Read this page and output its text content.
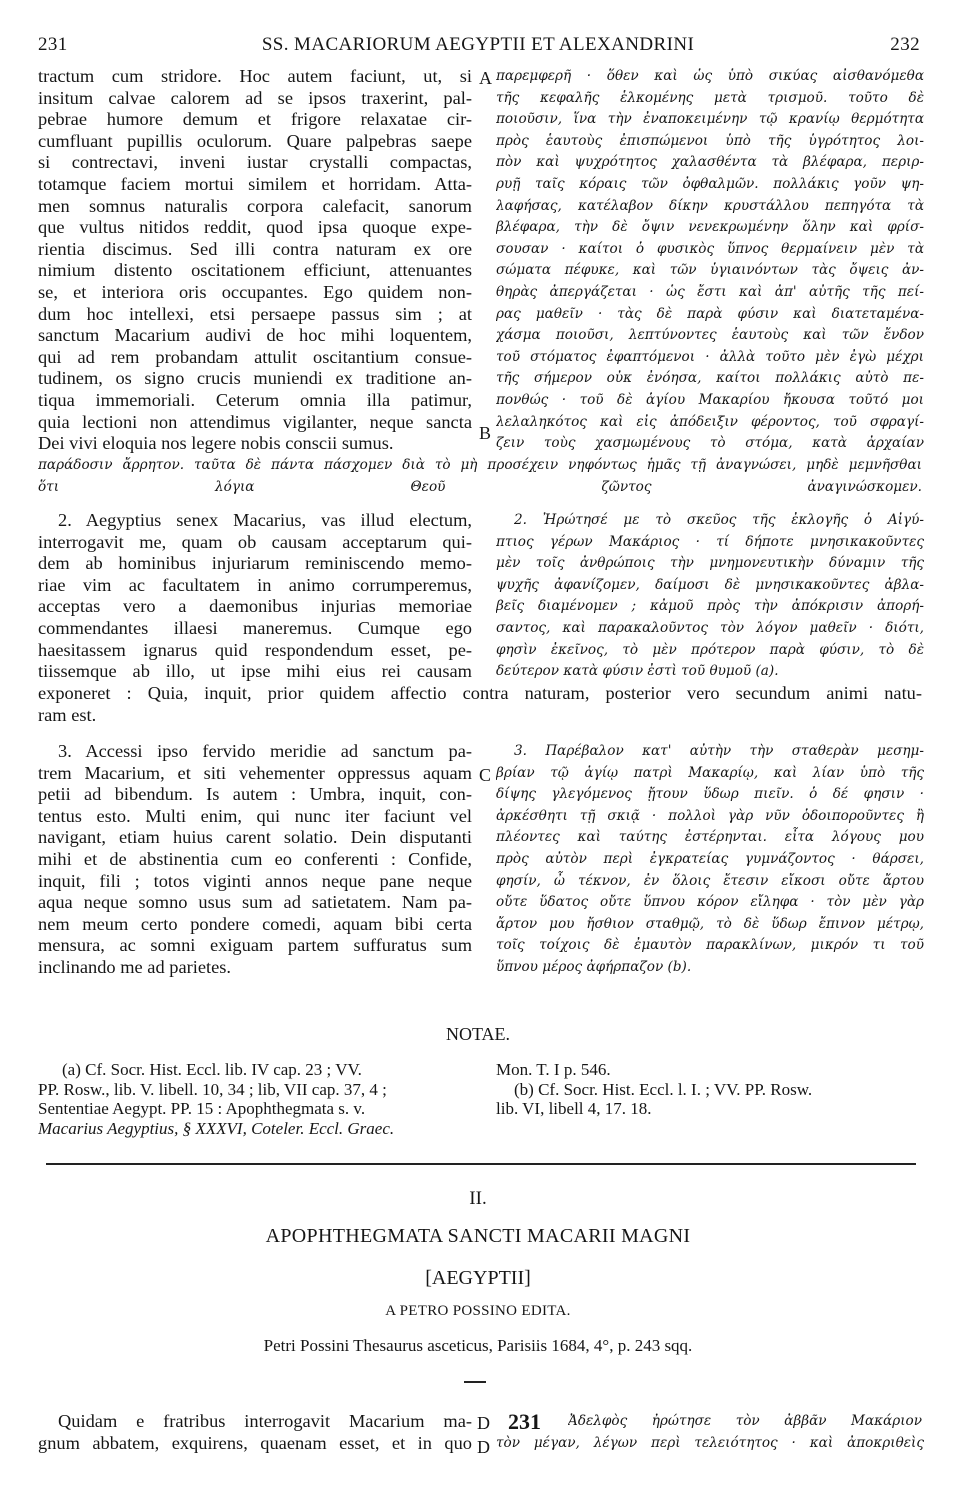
231	SS. MACARIORUM AEGYPTII ET ALEXANDRINI	232
A
B
C
D
D
tractum cum stridore. Hoc autem faciunt, ut, si
insitum calvae calorem ad se ipsos traxerint, pal-
pebrae humore demum et frigore relaxatae cir-
cumfluant pupillis oculorum. Quare palpebras saepe
si contrectavi, inveni iustar crystalli compactas,
totamque faciem mortui similem et horridam. Atta-
men somnus naturalis corpora calefacit, sanorum
que vultus nitidos reddit, quod ipsa quoque expe-
rientia discimus. Sed illi contra naturam ex ore
nimium distento oscitationem efficiunt, attenuantes
se, et interiora oris occupantes. Ego quidem non-
dum hoc intellexi, etsi persaepe passus sim ; at
sanctum Macarium audivi de hoc mihi loquentem,
qui ad rem probandam attulit oscitantium consue-
tudinem, os signo crucis muniendi ex traditione an-
tiqua immemoriali. Ceterum omnia illa patimur,
quia lectioni non attendimus vigilanter, neque sancta
Dei vivi eloquia nos legere nobis conscii sumus.
παρεμφερῆ · ὅθεν καὶ ὡς ὑπὸ σικύας αἰσθανόμεθα
τῆς κεφαλῆς ἑλκομένης μετὰ τρισμοῦ. τοῦτο δὲ
ποιοῦσιν, ἵνα τὴν ἐναποκειμένην τῷ κρανίῳ θερμότητα
πρὸς ἑαυτοὺς ἐπισπώμενοι ὑπὸ τῆς ὑγρότητος λοι-
πὸν καὶ ψυχρότητος χαλασθέντα τὰ βλέφαρα, περιρ-
ρυῇ ταῖς κόραις τῶν ὀφθαλμῶν. πολλάκις γοῦν ψη-
λαφήσας, κατέλαβον δίκην κρυστάλλου πεπηγότα τὰ
βλέφαρα, τὴν δὲ ὄψιν νενεκρωμένην ὅλην καὶ φρίσ-
σουσαν · καίτοι ὁ φυσικὸς ὕπνος θερμαίνειν μὲν τὰ
σώματα πέφυκε, καὶ τῶν ὑγιαινόντων τὰς ὄψεις ἀν-
θηρὰς ἀπεργάζεται · ὡς ἔστι καὶ ἀπ' αὐτῆς τῆς πεί-
ρας μαθεῖν · τὰς δὲ παρὰ φύσιν καὶ διατεταμένα-
χάσμα ποιοῦσι, λεπτύνοντες ἑαυτοὺς καὶ τῶν ἔνδον
τοῦ στόματος ἐφαπτόμενοι · ἀλλὰ τοῦτο μὲν ἐγὼ μέχρι
τῆς σήμερον οὐκ ἐνόησα, καίτοι πολλάκις αὐτὸ πε-
πονθώς · τοῦ δὲ ἁγίου Μακαρίου ἤκουσα τοῦτό μοι
λελαληκότος καὶ εἰς ἀπόδειξιν φέροντος, τοῦ σφραγί-
ζειν τοὺς χασμωμένους τὸ στόμα, κατὰ ἀρχαίαν
παράδοσιν ἄρρητον. ταῦτα δὲ πάντα πάσχομεν διὰ τὸ μὴ προσέχειν νηφόντως ἡμᾶς τῇ ἀναγνώσει, μηδὲ μεμνῆσθαι
ὅτι λόγια Θεοῦ ζῶντος ἀναγινώσκομεν.
2. Aegyptius senex Macarius, vas illud electum,
interrogavit me, quam ob causam acceptarum qui-
dem ab hominibus injuriarum reminiscendo memo-
riae vim ac facultatem in animo corrumperemus,
acceptas vero a daemonibus injurias memoriae
commendantes illaesi maneremus. Cumque ego
haesitassem ignarus quid respondendum esset, pe-
tiissemque ab illo, ut ipse mihi eius rei causam
2. Ἠρώτησέ με τὸ σκεῦος τῆς ἐκλογῆς ὁ Αἰγύ-
πτιος γέρων Μακάριος · τί δήποτε μνησικακοῦντες
μὲν τοῖς ἀνθρώποις τὴν μνημονευτικὴν δύναμιν τῆς
ψυχῆς ἀφανίζομεν, δαίμοσι δὲ μνησικακοῦντες ἀβλα-
βεῖς διαμένομεν ; κἀμοῦ πρὸς τὴν ἀπόκρισιν ἀπορή-
σαντος, καὶ παρακαλοῦντος τὸν λόγον μαθεῖν · διότι,
φησὶν ἐκεῖνος, τὸ μὲν πρότερον παρὰ φύσιν, τὸ δὲ
δεύτερον κατὰ φύσιν ἐστὶ τοῦ θυμοῦ (a).
exponeret : Quia, inquit, prior quidem affectio contra naturam, posterior vero secundum animi natu-
ram est.
3. Accessi ipso fervido meridie ad sanctum pa-
trem Macarium, et siti vehementer oppressus aquam
petii ad bibendum. Is autem : Umbra, inquit, con-
tentus esto. Multi enim, qui nunc iter faciunt vel
navigant, etiam huius carent solatio. Dein disputanti
mihi et de abstinentia cum eo conferenti : Confide,
inquit, fili ; totos viginti annos neque pane neque
aqua neque somno usus sum ad satietatem. Nam pa-
nem meum certo pondere comedi, aquam bibi certa
mensura, ac somni exiguam partem suffuratus sum
inclinando me ad parietes.
3. Παρέβαλον κατ' αὐτὴν τὴν σταθερὰν μεσημ-
βρίαν τῷ ἁγίῳ πατρὶ Μακαρίῳ, καὶ λίαν ὑπὸ τῆς
δίψης γλεγόμενος ᾔτουν ὕδωρ πιεῖν. ὁ δέ φησιν ·
ἀρκέσθητι τῇ σκιᾷ · πολλοὶ γὰρ νῦν ὁδοιποροῦντες ἢ
πλέοντες καὶ ταύτης ἐστέρηνται. εἶτα λόγους μου
πρὸς αὐτὸν περὶ ἐγκρατείας γυμνάζοντος · θάρσει,
φησίν, ὦ τέκνον, ἐν ὅλοις ἔτεσιν εἴκοσι οὔτε ἄρτου
οὔτε ὕδατος οὔτε ὕπνου κόρον εἴληφα · τὸν μὲν γὰρ
ἄρτον μου ἤσθιον σταθμῷ, τὸ δὲ ὕδωρ ἔπινον μέτρῳ,
τοῖς τοίχοις δὲ ἐμαυτὸν παρακλίνων, μικρόν τι τοῦ
ὕπνου μέρος ἀφήρπαζον (b).
NOTAE.
(a) Cf. Socr. Hist. Eccl. lib. IV cap. 23 ; VV.
PP. Rosw., lib. V. libell. 10, 34 ; lib, VII cap. 37, 4 ;
Sententiae Aegypt. PP. 15 : Apophthegmata s. v.
Macarius Aegyptius, § XXXVI, Coteler. Eccl. Graec.
Mon. T. I p. 546.
(b) Cf. Socr. Hist. Eccl. l. I. ; VV. PP. Rosw.
lib. VI, libell 4, 17. 18.
II.
APOPHTHEGMATA SANCTI MACARII MAGNI
[AEGYPTII]
A PETRO POSSINO EDITA.
Petri Possini Thesaurus asceticus, Parisiis 1684, 4°, p. 243 sqq.
Quidam e fratribus interrogavit Macarium ma-
gnum abbatem, exquirens, quaenam esset, et in quo
231 Ἀδελφὸς ἠρώτησε τὸν ἀββᾶν Μακάριον
τὸν μέγαν, λέγων περὶ τελειότητος · καὶ ἀποκριθεὶς
